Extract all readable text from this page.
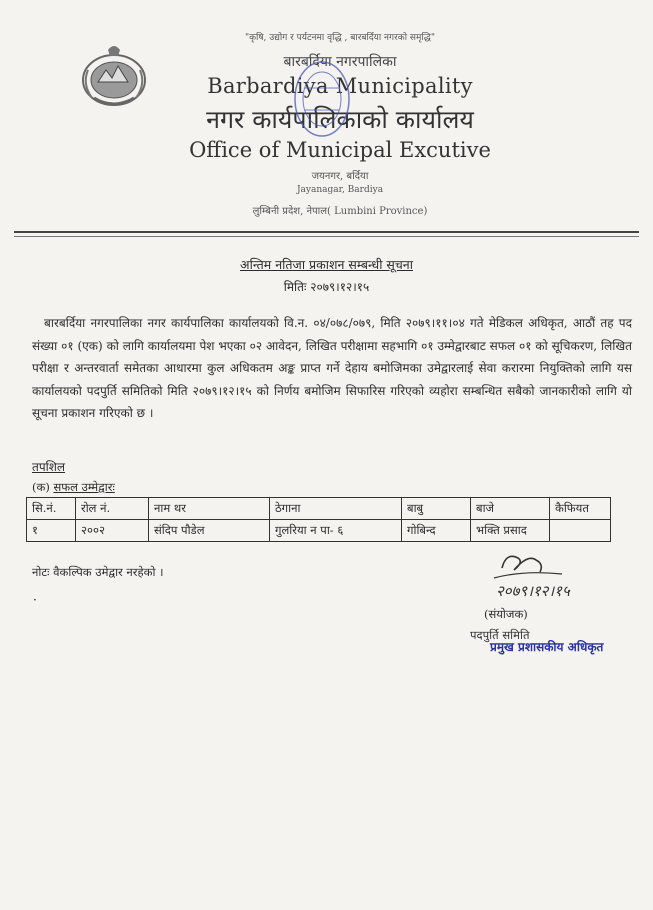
"कृषि, उद्योग र पर्यटनमा वृद्धि , बारबर्दिया नगरको समृद्धि"
बारबर्दिया नगरपालिका
Barbardiya Municipality
नगर कार्यपालिकाको कार्यालय
Office of Municipal Excutive
जयनगर, बर्दिया
Jayanagar, Bardiya
लुम्बिनी प्रदेश, नेपाल( Lumbini Province)
अन्तिम नतिजा प्रकाशन सम्बन्धी सूचना
मितिः २०७९।१२।१५
बारबर्दिया नगरपालिका नगर कार्यपालिका कार्यालयको वि.न. ०४/०७८/०७९, मिति २०७९।११।०४ गते मेडिकल अधिकृत, आठौं तह पद संख्या ०१ (एक) को लागि कार्यालयमा पेश भएका ०२ आवेदन, लिखित परीक्षामा सहभागि ०१ उम्मेद्वारबाट सफल ०१ को सूचिकरण, लिखित परीक्षा र अन्तरवार्ता समेतका आधारमा कुल अधिकतम अङ्क प्राप्त गर्ने देहाय बमोजिमका उमेद्वारलाई सेवा करारमा नियुक्तिको लागि यस कार्यालयको पदपुर्ति समितिको मिति २०७९।१२।१५ को निर्णय बमोजिम सिफारिस गरिएको व्यहोरा सम्बन्धित सबैको जानकारीको लागि यो सूचना प्रकाशन गरिएको छ ।
तपशिल
(क) सफल उम्मेद्वारः
सि.नं.	रोल नं.	नाम थर	ठेगाना	बाबु	बाजे	कैफियत
१	२००२	संदिप पौडेल	गुलरिया न पा- ६	गोबिन्द	भक्ति प्रसाद	
नोटः वैकल्पिक उमेद्वार नरहेको ।
·	२०७९।१२।१५
(संयोजक)
पदपुर्ति समिति
प्रमुख प्रशासकीय अधिकृत
